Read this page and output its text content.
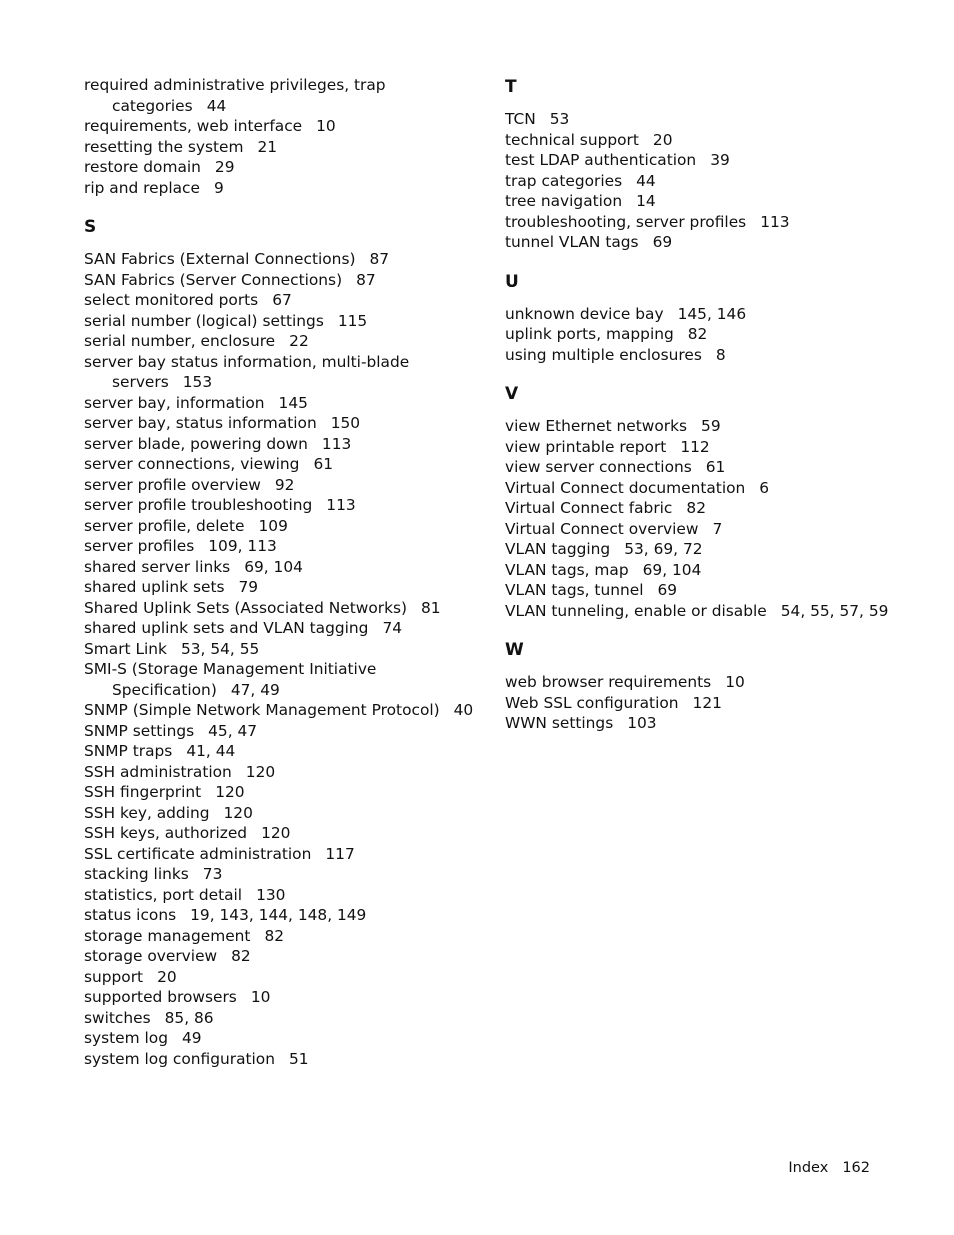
required administrative privileges, trap categories 44
requirements, web interface 10
resetting the system 21
restore domain 29
rip and replace 9
S
SAN Fabrics (External Connections) 87
SAN Fabrics (Server Connections) 87
select monitored ports 67
serial number (logical) settings 115
serial number, enclosure 22
server bay status information, multi-blade servers 153
server bay, information 145
server bay, status information 150
server blade, powering down 113
server connections, viewing 61
server profile overview 92
server profile troubleshooting 113
server profile, delete 109
server profiles 109, 113
shared server links 69, 104
shared uplink sets 79
Shared Uplink Sets (Associated Networks) 81
shared uplink sets and VLAN tagging 74
Smart Link 53, 54, 55
SMI-S (Storage Management Initiative Specification) 47, 49
SNMP (Simple Network Management Protocol) 40
SNMP settings 45, 47
SNMP traps 41, 44
SSH administration 120
SSH fingerprint 120
SSH key, adding 120
SSH keys, authorized 120
SSL certificate administration 117
stacking links 73
statistics, port detail 130
status icons 19, 143, 144, 148, 149
storage management 82
storage overview 82
support 20
supported browsers 10
switches 85, 86
system log 49
system log configuration 51
T
TCN 53
technical support 20
test LDAP authentication 39
trap categories 44
tree navigation 14
troubleshooting, server profiles 113
tunnel VLAN tags 69
U
unknown device bay 145, 146
uplink ports, mapping 82
using multiple enclosures 8
V
view Ethernet networks 59
view printable report 112
view server connections 61
Virtual Connect documentation 6
Virtual Connect fabric 82
Virtual Connect overview 7
VLAN tagging 53, 69, 72
VLAN tags, map 69, 104
VLAN tags, tunnel 69
VLAN tunneling, enable or disable 54, 55, 57, 59
W
web browser requirements 10
Web SSL configuration 121
WWN settings 103
Index 162
